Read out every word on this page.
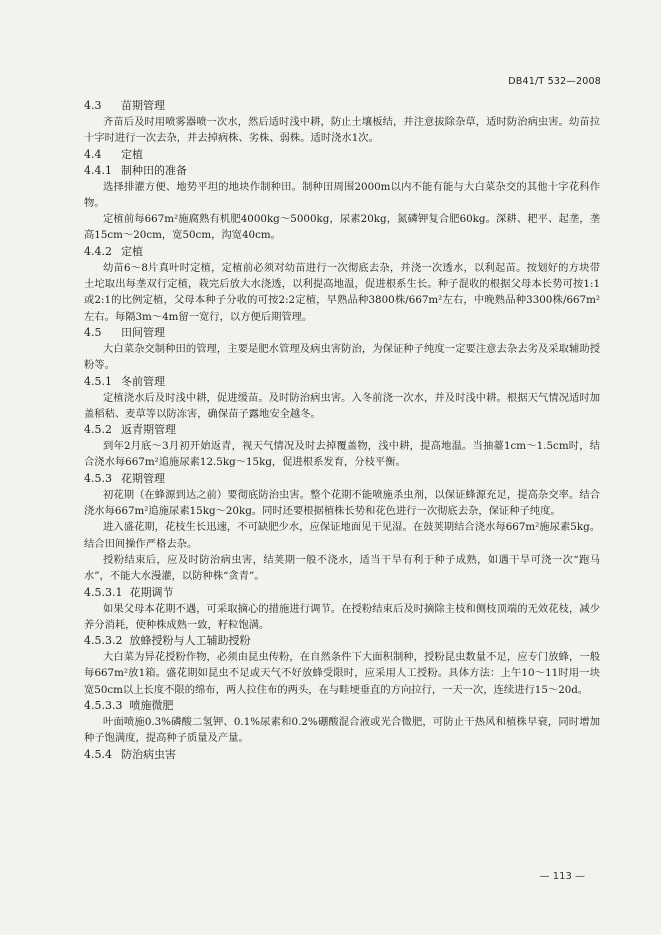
DB41/T 532—2008
4.3 苗期管理

齐苗后及时用喷雾器喷一次水，然后适时浅中耕，防止土壤板结，并注意拔除杂草，适时防治病虫害。幼苗拉十字时进行一次去杂，并去掉病株、劣株、弱株。适时浇水1次。

4.4 定植
4.4.1 制种田的准备

选择排灌方便、地势平坦的地块作制种田。制种田周围2000m以内不能有能与大白菜杂交的其他十字花科作物。

定植前每667m²施腐熟有机肥4000kg～5000kg，尿素20kg，氮磷钾复合肥60kg。深耕、耙平、起垄，垄高15cm～20cm，宽50cm，沟宽40cm。

4.4.2 定植

幼苗6～8片真叶时定植，定植前必须对幼苗进行一次彻底去杂，并浇一次透水，以利起苗。按划好的方块带土坨取出每垄双行定植，栽完后放大水浇透，以利提高地温，促进根系生长。种子混收的根据父母本长势可按1:1或2:1的比例定植，父母本种子分收的可按2:2定植，早熟品种3800株/667m²左右，中晚熟品种3300株/667m²左右。每隔3m～4m留一宽行，以方便后期管理。

4.5 田间管理

大白菜杂交制种田的管理，主要是肥水管理及病虫害防治，为保证种子纯度一定要注意去杂去劣及采取辅助授粉等。

4.5.1 冬前管理

定植浇水后及时浅中耕，促进缓苗。及时防治病虫害。入冬前浇一次水，并及时浅中耕。根据天气情况适时加盖稻秸、麦草等以防冻害，确保苗子露地安全越冬。

4.5.2 返青期管理

到年2月底～3月初开始返青，视天气情况及时去掉覆盖物，浅中耕，提高地温。当抽薹1cm～1.5cm时，结合浇水每667m²追施尿素12.5kg～15kg，促进根系发育，分枝平衡。

4.5.3 花期管理

初花期（在蜂源到达之前）要彻底防治虫害。整个花期不能喷施杀虫剂，以保证蜂源充足，提高杂交率。结合浇水每667m²追施尿素15kg～20kg。同时还要根据植株长势和花色进行一次彻底去杂，保证种子纯度。

进入盛花期，花枝生长迅速，不可缺肥少水，应保证地面见干见湿。在鼓荚期结合浇水每667m²施尿素5kg。结合田间操作严格去杂。

授粉结束后，应及时防治病虫害，结荚期一般不浇水，适当干旱有利于种子成熟，如遇干旱可浇一次“跑马水”，不能大水漫灌，以防种株“贪青”。

4.5.3.1 花期调节

如果父母本花期不遇，可采取摘心的措施进行调节。在授粉结束后及时摘除主枝和侧枝顶端的无效花枝，减少养分消耗，使种株成熟一致，籽粒饱满。

4.5.3.2 放蜂授粉与人工辅助授粉

大白菜为异花授粉作物，必须由昆虫传粉，在自然条件下大面积制种，授粉昆虫数量不足，应专门放蜂，一般每667m²放1箱。盛花期如昆虫不足或天气不好放蜂受限时，应采用人工授粉。具体方法：上午10～11时用一块宽50cm以上长度不限的绵布，两人拉住布的两头，在与畦埂垂直的方向拉行，一天一次，连续进行15～20d。

4.5.3.3 喷施微肥

叶面喷施0.3%磷酸二氢钾、0.1%尿素和0.2%硼酸混合液或光合微肥，可防止干热风和植株早衰，同时增加种子饱满度，提高种子质量及产量。

4.5.4 防治病虫害
— 113 —
